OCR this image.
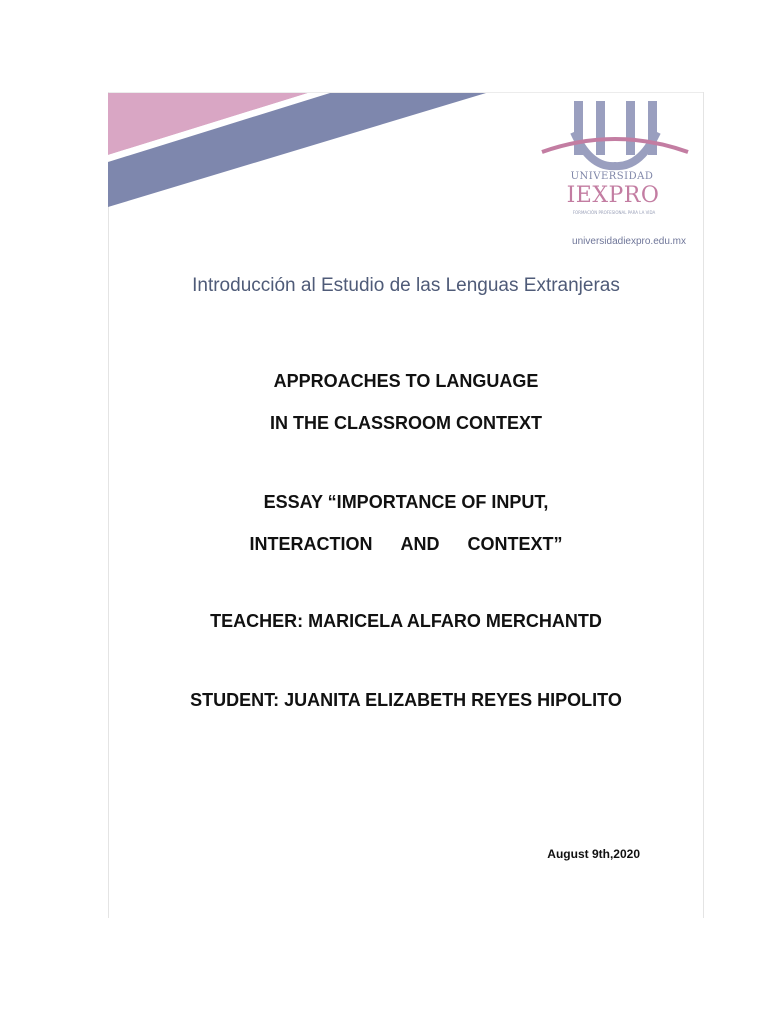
UNIVERSIDAD
IEXPRO
FORMACIÓN PROFESIONAL PARA LA VIDA
universidadiexpro.edu.mx
Introducción al Estudio de las Lenguas Extranjeras
APPROACHES TO LANGUAGE
IN THE CLASSROOM CONTEXT
ESSAY “IMPORTANCE OF INPUT,
INTERACTION AND CONTEXT”
TEACHER: MARICELA ALFARO MERCHANTD
STUDENT: JUANITA ELIZABETH REYES HIPOLITO
August 9th,2020
